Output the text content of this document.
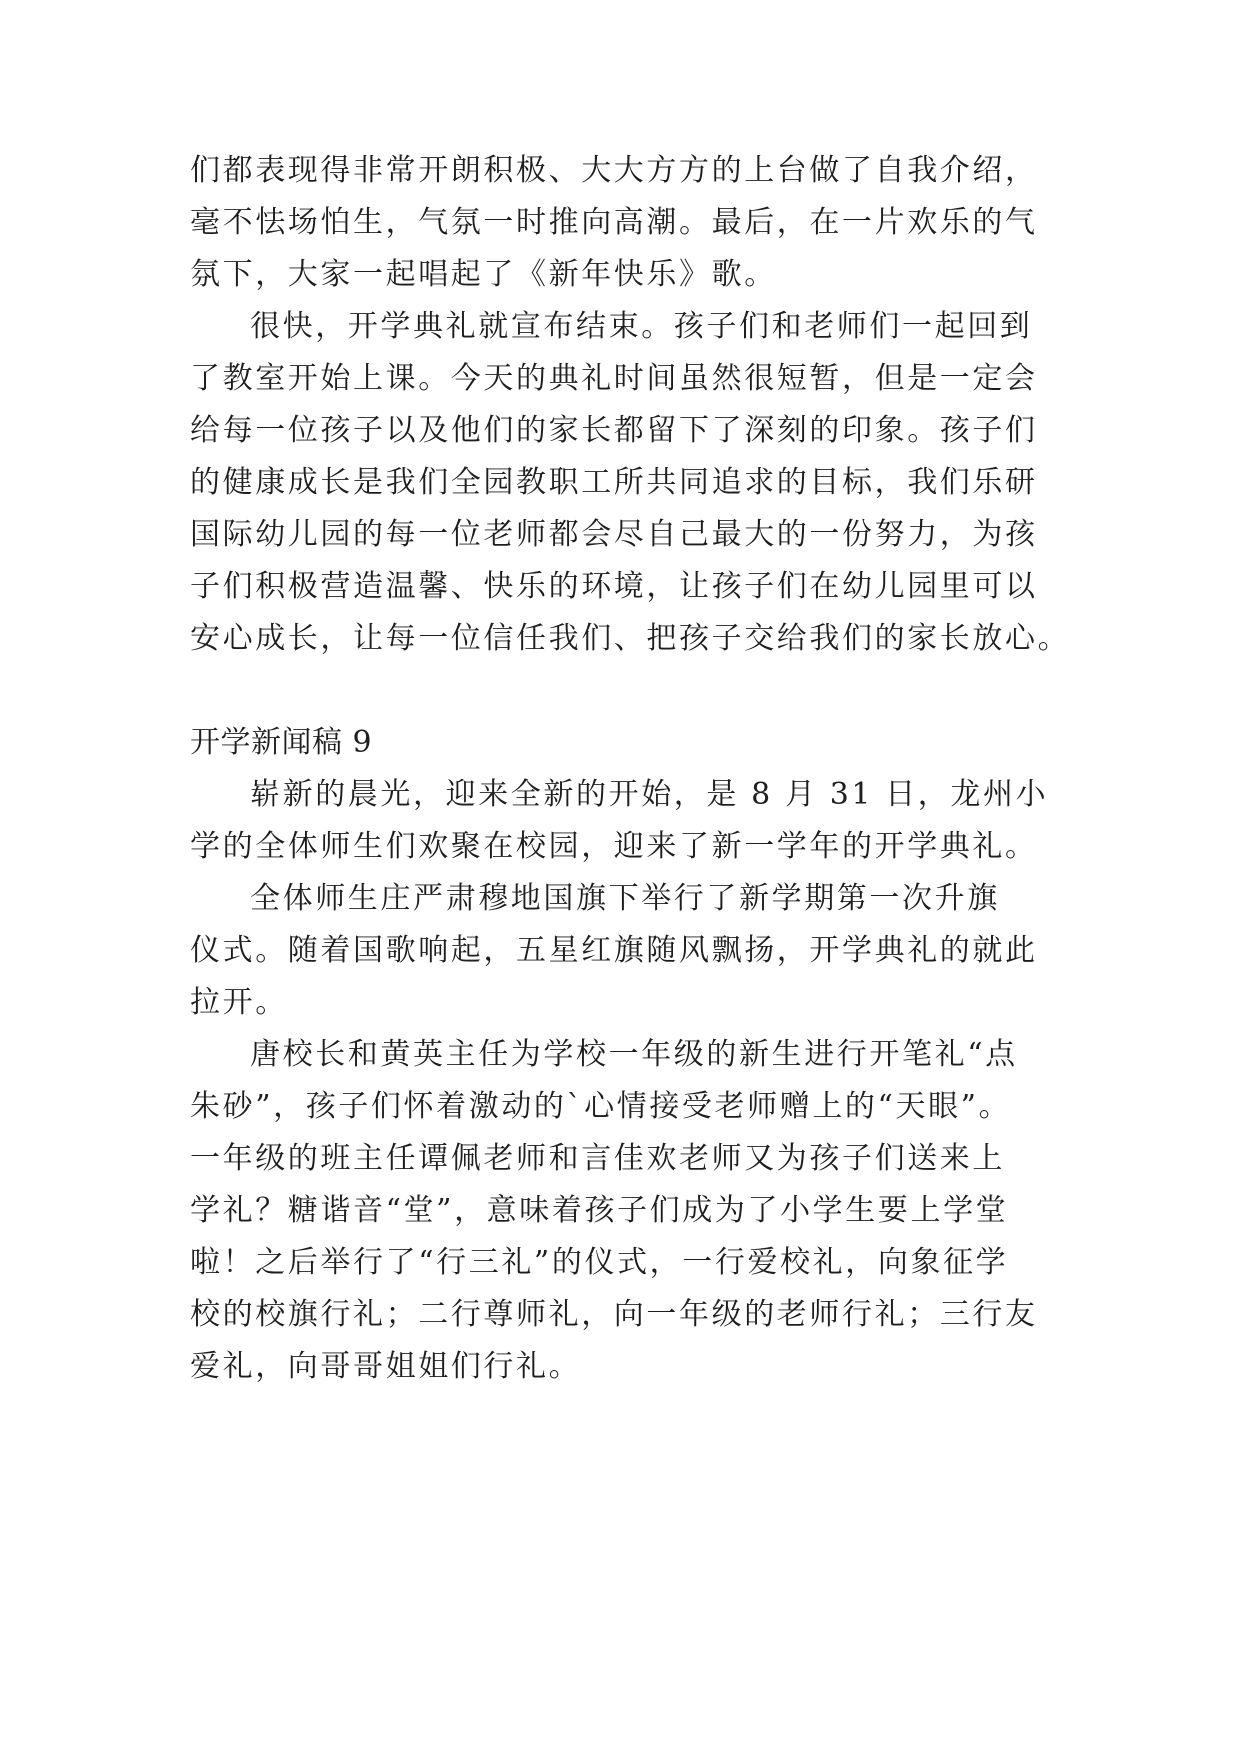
们都表现得非常开朗积极、大大方方的上台做了自我介绍，
毫不怯场怕生，气氛一时推向高潮。最后，在一片欢乐的气
氛下，大家一起唱起了《新年快乐》歌。
很快，开学典礼就宣布结束。孩子们和老师们一起回到
了教室开始上课。今天的典礼时间虽然很短暂，但是一定会
给每一位孩子以及他们的家长都留下了深刻的印象。孩子们
的健康成长是我们全园教职工所共同追求的目标，我们乐研
国际幼儿园的每一位老师都会尽自己最大的一份努力，为孩
子们积极营造温馨、快乐的环境，让孩子们在幼儿园里可以
安心成长，让每一位信任我们、把孩子交给我们的家长放心。
开学新闻稿 9
崭新的晨光，迎来全新的开始，是 8 月 31 日，龙州小
学的全体师生们欢聚在校园，迎来了新一学年的开学典礼。
全体师生庄严肃穆地国旗下举行了新学期第一次升旗
仪式。随着国歌响起，五星红旗随风飘扬，开学典礼的就此
拉开。
唐校长和黄英主任为学校一年级的新生进行开笔礼“点
朱砂”，孩子们怀着激动的`心情接受老师赠上的“天眼”。
一年级的班主任谭佩老师和言佳欢老师又为孩子们送来上
学礼？糖谐音“堂”，意味着孩子们成为了小学生要上学堂
啦！之后举行了“行三礼”的仪式，一行爱校礼，向象征学
校的校旗行礼；二行尊师礼，向一年级的老师行礼；三行友
爱礼，向哥哥姐姐们行礼。
